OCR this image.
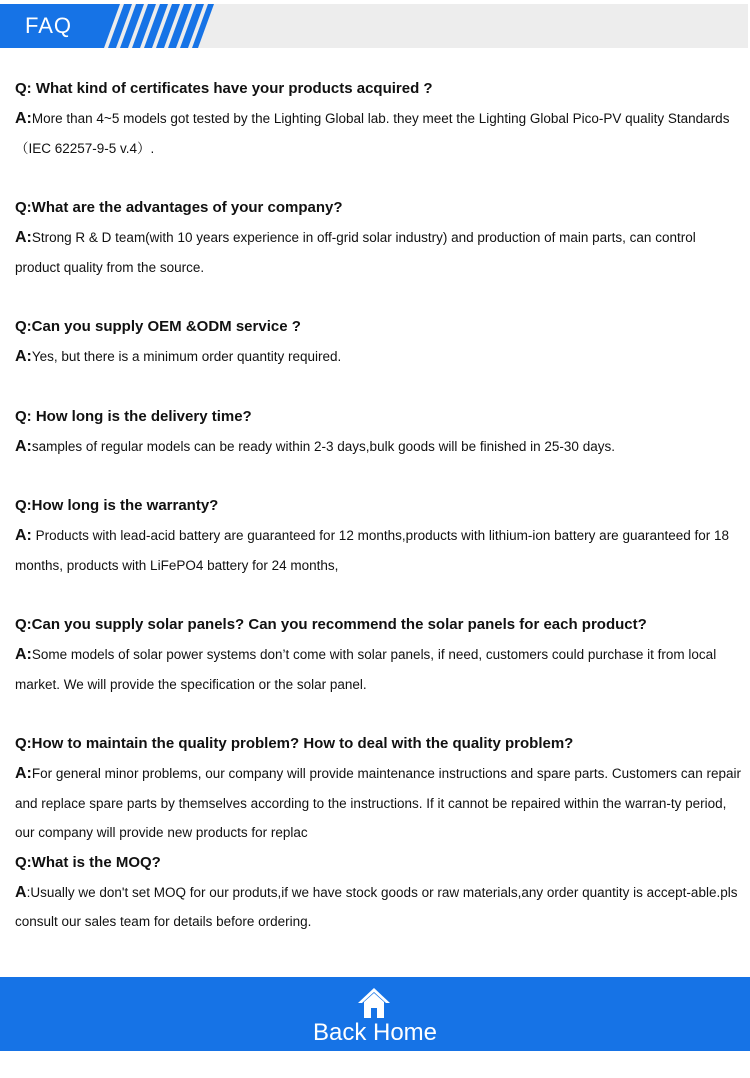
FAQ
Q: What kind of certificates have your products acquired ?
A:More than 4~5 models got tested by the Lighting Global lab. they meet the Lighting Global Pico-PV quality Standards（IEC 62257-9-5 v.4）.
Q:What are the advantages of your company?
A:Strong R & D team(with 10 years experience in off-grid solar industry) and production of main parts, can control product quality from the source.
Q:Can you supply OEM &ODM service ?
A:Yes, but there is a minimum order quantity required.
Q: How long is the delivery time?
A:samples of regular models can be ready within 2-3 days,bulk goods will be finished in 25-30 days.
Q:How long is the warranty?
A: Products with lead-acid battery are guaranteed for 12 months,products with lithium-ion battery are guaranteed for 18 months, products with LiFePO4 battery for 24 months,
Q:Can you supply solar panels? Can you recommend the solar panels for each product?
A:Some models of solar power systems don’t come with solar panels, if need, customers could purchase it from local market. We will provide the specification or the solar panel.
Q:How to maintain the quality problem? How to deal with the quality problem?
A:For general minor problems, our company will provide maintenance instructions and spare parts. Customers can repair and replace spare parts by themselves according to the instructions. If it cannot be repaired within the warran-ty period, our company will provide new products for replac
Q:What is the MOQ?
A:Usually we don't set MOQ for our produts,if we have stock goods or raw materials,any order quantity is accept-able.pls consult our sales team for details before ordering.
Back Home
